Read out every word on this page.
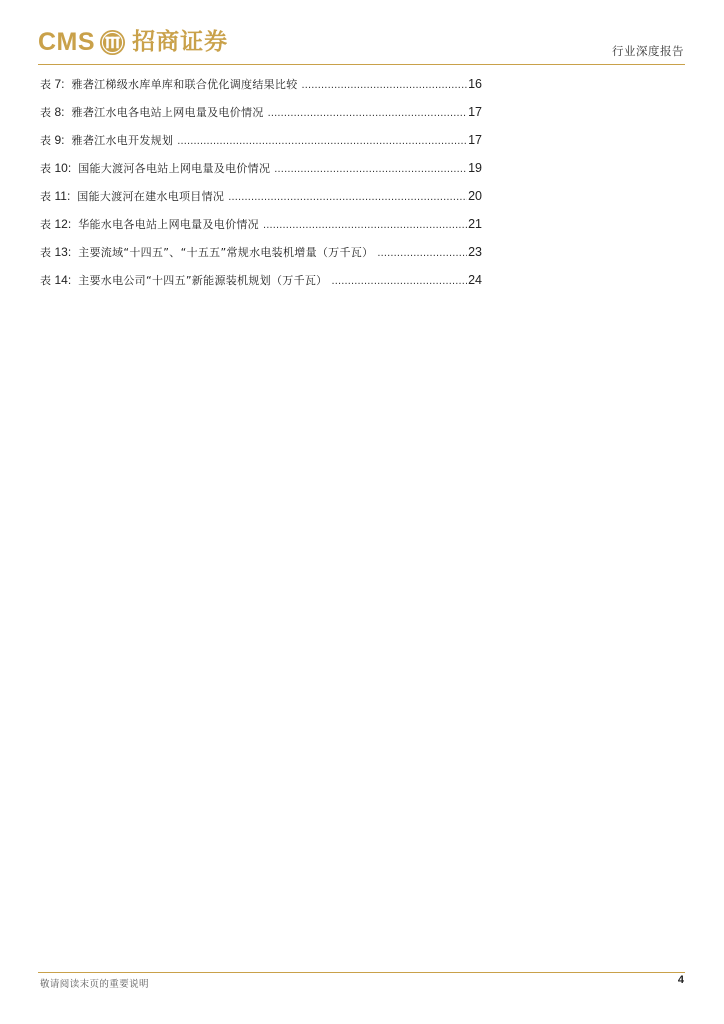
CMS 招商证券	行业深度报告
表 7: 雅砻江梯级水库单库和联合优化调度结果比较 .....	16
表 8: 雅砻江水电各电站上网电量及电价情况 .....	17
表 9: 雅砻江水电开发规划 .....	17
表 10: 国能大渡河各电站上网电量及电价情况 .....	19
表 11: 国能大渡河在建水电项目情况 .....	20
表 12: 华能水电各电站上网电量及电价情况 .....	21
表 13: 主要流域“十四五”、“十五五”常规水电装机增量（万千瓦） .....	23
表 14: 主要水电公司“十四五”新能源装机规划（万千瓦） .....	24
敬请阅读末页的重要说明	4
